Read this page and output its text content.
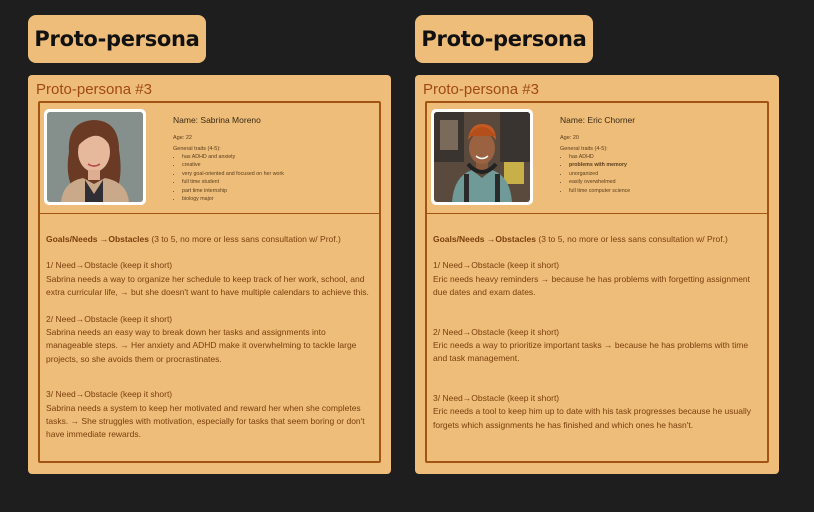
Proto-persona
Proto-persona #3
Name: Sabrina Moreno
Age: 22
General traits (4-5):
• has ADHD and anxiety
• creative
• very goal-oriented and focused on her work
• full time student
• part time internship
• biology major
Goals/Needs →Obstacles (3 to 5, no more or less sans consultation w/ Prof.)
1/ Need→Obstacle (keep it short)
Sabrina needs a way to organize her schedule to keep track of her work, school, and extra curricular life, → but she doesn't want to have multiple calendars to achieve this.
2/ Need→Obstacle (keep it short)
Sabrina needs an easy way to break down her tasks and assignments into manageable steps. → Her anxiety and ADHD make it overwhelming to tackle large projects, so she avoids them or procrastinates.
3/ Need→Obstacle (keep it short)
Sabrina needs a system to keep her motivated and reward her when she completes tasks. → She struggles with motivation, especially for tasks that seem boring or don't have immediate rewards.
Proto-persona
Proto-persona #3
Name: Eric Chorner
Age: 20
General traits (4-5):
• has ADHD
• problems with memory
• unorganized
• easily overwhelmed
• full time computer science
Goals/Needs →Obstacles (3 to 5, no more or less sans consultation w/ Prof.)
1/ Need→Obstacle (keep it short)
Eric needs heavy reminders → because he has problems with forgetting assignment due dates and exam dates.
2/ Need→Obstacle (keep it short)
Eric needs a way to prioritize important tasks → because he has problems with time and task management.
3/ Need→Obstacle (keep it short)
Eric needs a tool to keep him up to date with his task progresses because he usually forgets which assignments he has finished and which ones he hasn't.
